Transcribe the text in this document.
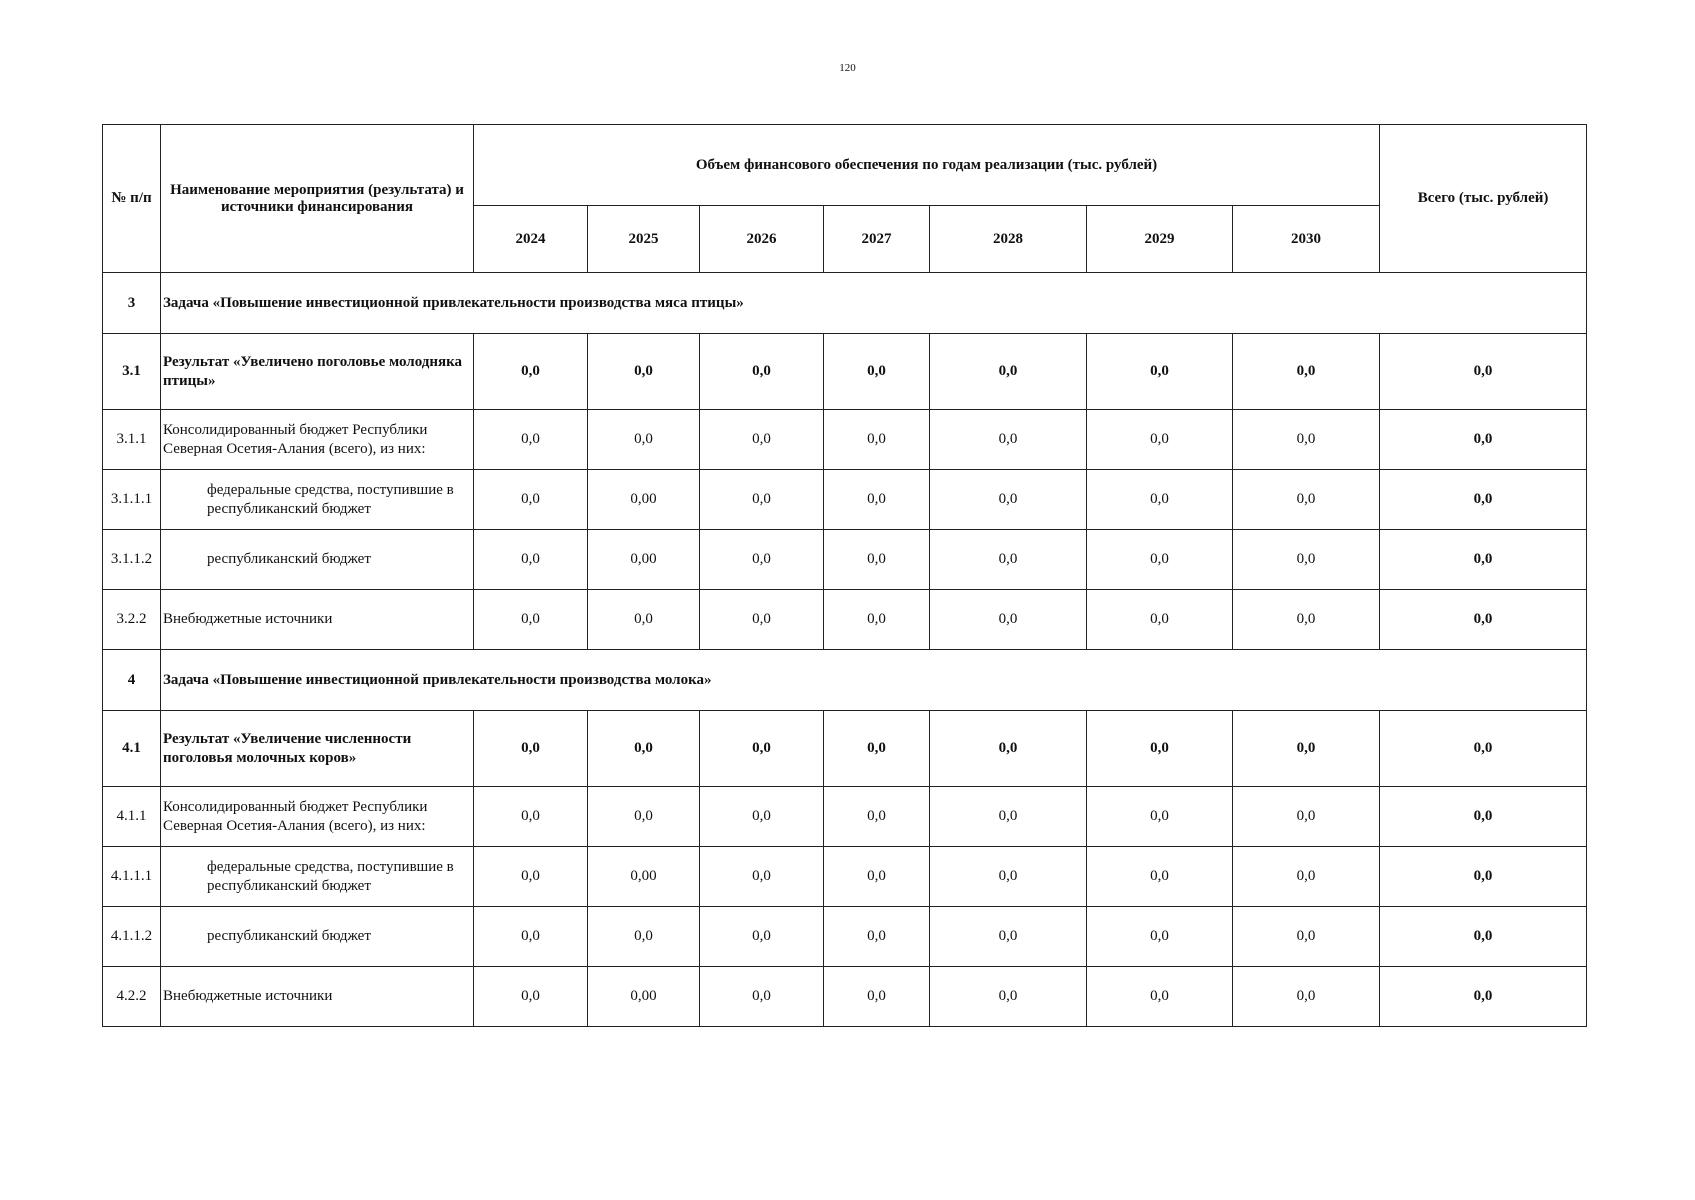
120
№ п/п	Наименование мероприятия (результата) и источники финансирования	Объем финансового обеспечения по годам реализации (тыс. рублей)							Всего (тыс. рублей)
		2024	2025	2026	2027	2028	2029	2030	
3	Задача «Повышение инвестиционной привлекательности производства мяса птицы»								
3.1	Результат «Увеличено поголовье молодняка птицы»	0,0	0,0	0,0	0,0	0,0	0,0	0,0	0,0
3.1.1	Консолидированный бюджет Республики Северная Осетия-Алания (всего), из них:	0,0	0,0	0,0	0,0	0,0	0,0	0,0	0,0
3.1.1.1	федеральные средства, поступившие в республиканский бюджет	0,0	0,00	0,0	0,0	0,0	0,0	0,0	0,0
3.1.1.2	республиканский бюджет	0,0	0,00	0,0	0,0	0,0	0,0	0,0	0,0
3.2.2	Внебюджетные источники	0,0	0,0	0,0	0,0	0,0	0,0	0,0	0,0
4	Задача «Повышение инвестиционной привлекательности производства молока»								
4.1	Результат «Увеличение численности поголовья молочных коров»	0,0	0,0	0,0	0,0	0,0	0,0	0,0	0,0
4.1.1	Консолидированный бюджет Республики Северная Осетия-Алания (всего), из них:	0,0	0,0	0,0	0,0	0,0	0,0	0,0	0,0
4.1.1.1	федеральные средства, поступившие в республиканский бюджет	0,0	0,00	0,0	0,0	0,0	0,0	0,0	0,0
4.1.1.2	республиканский бюджет	0,0	0,0	0,0	0,0	0,0	0,0	0,0	0,0
4.2.2	Внебюджетные источники	0,0	0,00	0,0	0,0	0,0	0,0	0,0	0,0
